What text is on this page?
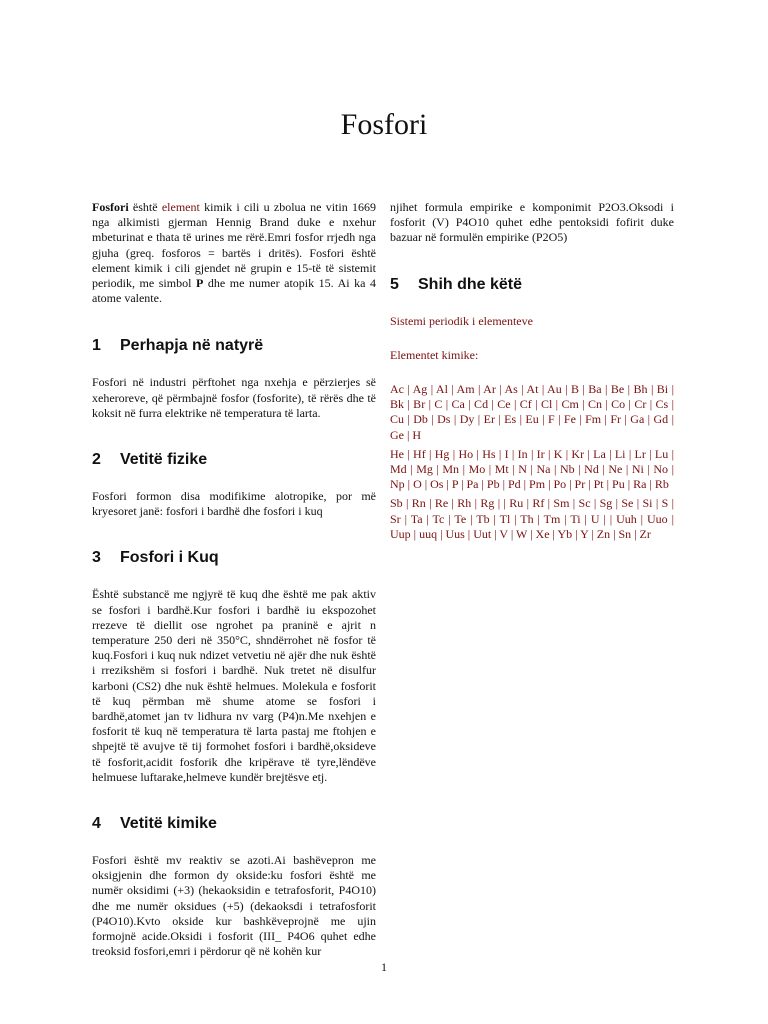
Fosfori

Fosfori është element kimik i cili u zbolua ne vitin 1669 nga alkimisti gjerman Hennig Brand duke e nxehur mbeturinat e thata të urines me rërë.Emri fosfor rrjedh nga gjuha (greq. fosforos = bartës i dritës). Fosfori është element kimik i cili gjendet në grupin e 15-të të sistemit periodik, me simbol P dhe me numer atopik 15. Ai ka 4 atome valente.

1	Perhapja në natyrë

Fosfori në industri përftohet nga nxehja e përzierjes së xeheroreve, që përmbajnë fosfor (fosforite), të rërës dhe të koksit në furra elektrike në temperatura të larta.

2	Vetitë fizike

Fosfori formon disa modifikime alotropike, por më kryesoret janë: fosfori i bardhë dhe fosfori i kuq

3	Fosfori i Kuq

Është substancë me ngjyrë të kuq dhe është me pak aktiv se fosfori i bardhë.Kur fosfori i bardhë iu ekspozohet rrezeve të diellit ose ngrohet pa praninë e ajrit n temperature 250 deri në 350°C, shndërrohet në fosfor të kuq.Fosfori i kuq nuk ndizet vetvetiu në ajër dhe nuk është i rrezikshëm si fosfori i bardhë. Nuk tretet në disulfur karboni (CS2) dhe nuk është helmues. Molekula e fosforit të kuq përmban më shume atome se fosfori i bardhë,atomet jan tv lidhura nv varg (P4)n.Me nxehjen e fosforit të kuq në temperatura të larta pastaj me ftohjen e shpejtë të avujve të tij formohet fosfori i bardhë,oksideve të fosforit,acidit fosforik dhe kripërave të tyre,lëndëve helmuese luftarake,helmeve kundër brejtësve etj.

4	Vetitë kimike

Fosfori është mv reaktiv se azoti.Ai bashëvepron me oksigjenin dhe formon dy okside:ku fosfori është me numër oksidimi (+3) (hekaoksidin e tetrafosforit, P4O10) dhe me numër oksidues (+5) (dekaoksdi i tetrafosforit (P4O10).Kvto okside kur bashkëveprojnë me ujin formojnë acide.Oksidi i fosforit (III_ P4O6 quhet edhe treoksid fosfori,emri i përdorur që në kohën kur

njihet formula empirike e komponimit P2O3.Oksodi i fosforit (V) P4O10 quhet edhe pentoksidi fofirit duke bazuar në formulën empirike (P2O5)

5	Shih dhe këtë

Sistemi periodik i elementeve

Elementet kimike:

Ac | Ag | Al | Am | Ar | As | At | Au | B | Ba | Be | Bh | Bi | Bk | Br | C | Ca | Cd | Ce | Cf | Cl | Cm | Cn | Co | Cr | Cs | Cu | Db | Ds | Dy | Er | Es | Eu | F | Fe | Fm | Fr | Ga | Gd | Ge | H

He | Hf | Hg | Ho | Hs | I | In | Ir | K | Kr | La | Li | Lr | Lu | Md | Mg | Mn | Mo | Mt | N | Na | Nb | Nd | Ne | Ni | No | Np | O | Os | P | Pa | Pb | Pd | Pm | Po | Pr | Pt | Pu | Ra | Rb

Sb | Rn | Re | Rh | Rg | | Ru | Rf | Sm | Sc | Sg | Se | Si | S | Sr | Ta | Tc | Te | Tb | Tl | Th | Tm | Ti | U | | Uuh | Uuo | Uup | uuq | Uus | Uut | V | W | Xe | Yb | Y | Zn | Sn | Zr

1
